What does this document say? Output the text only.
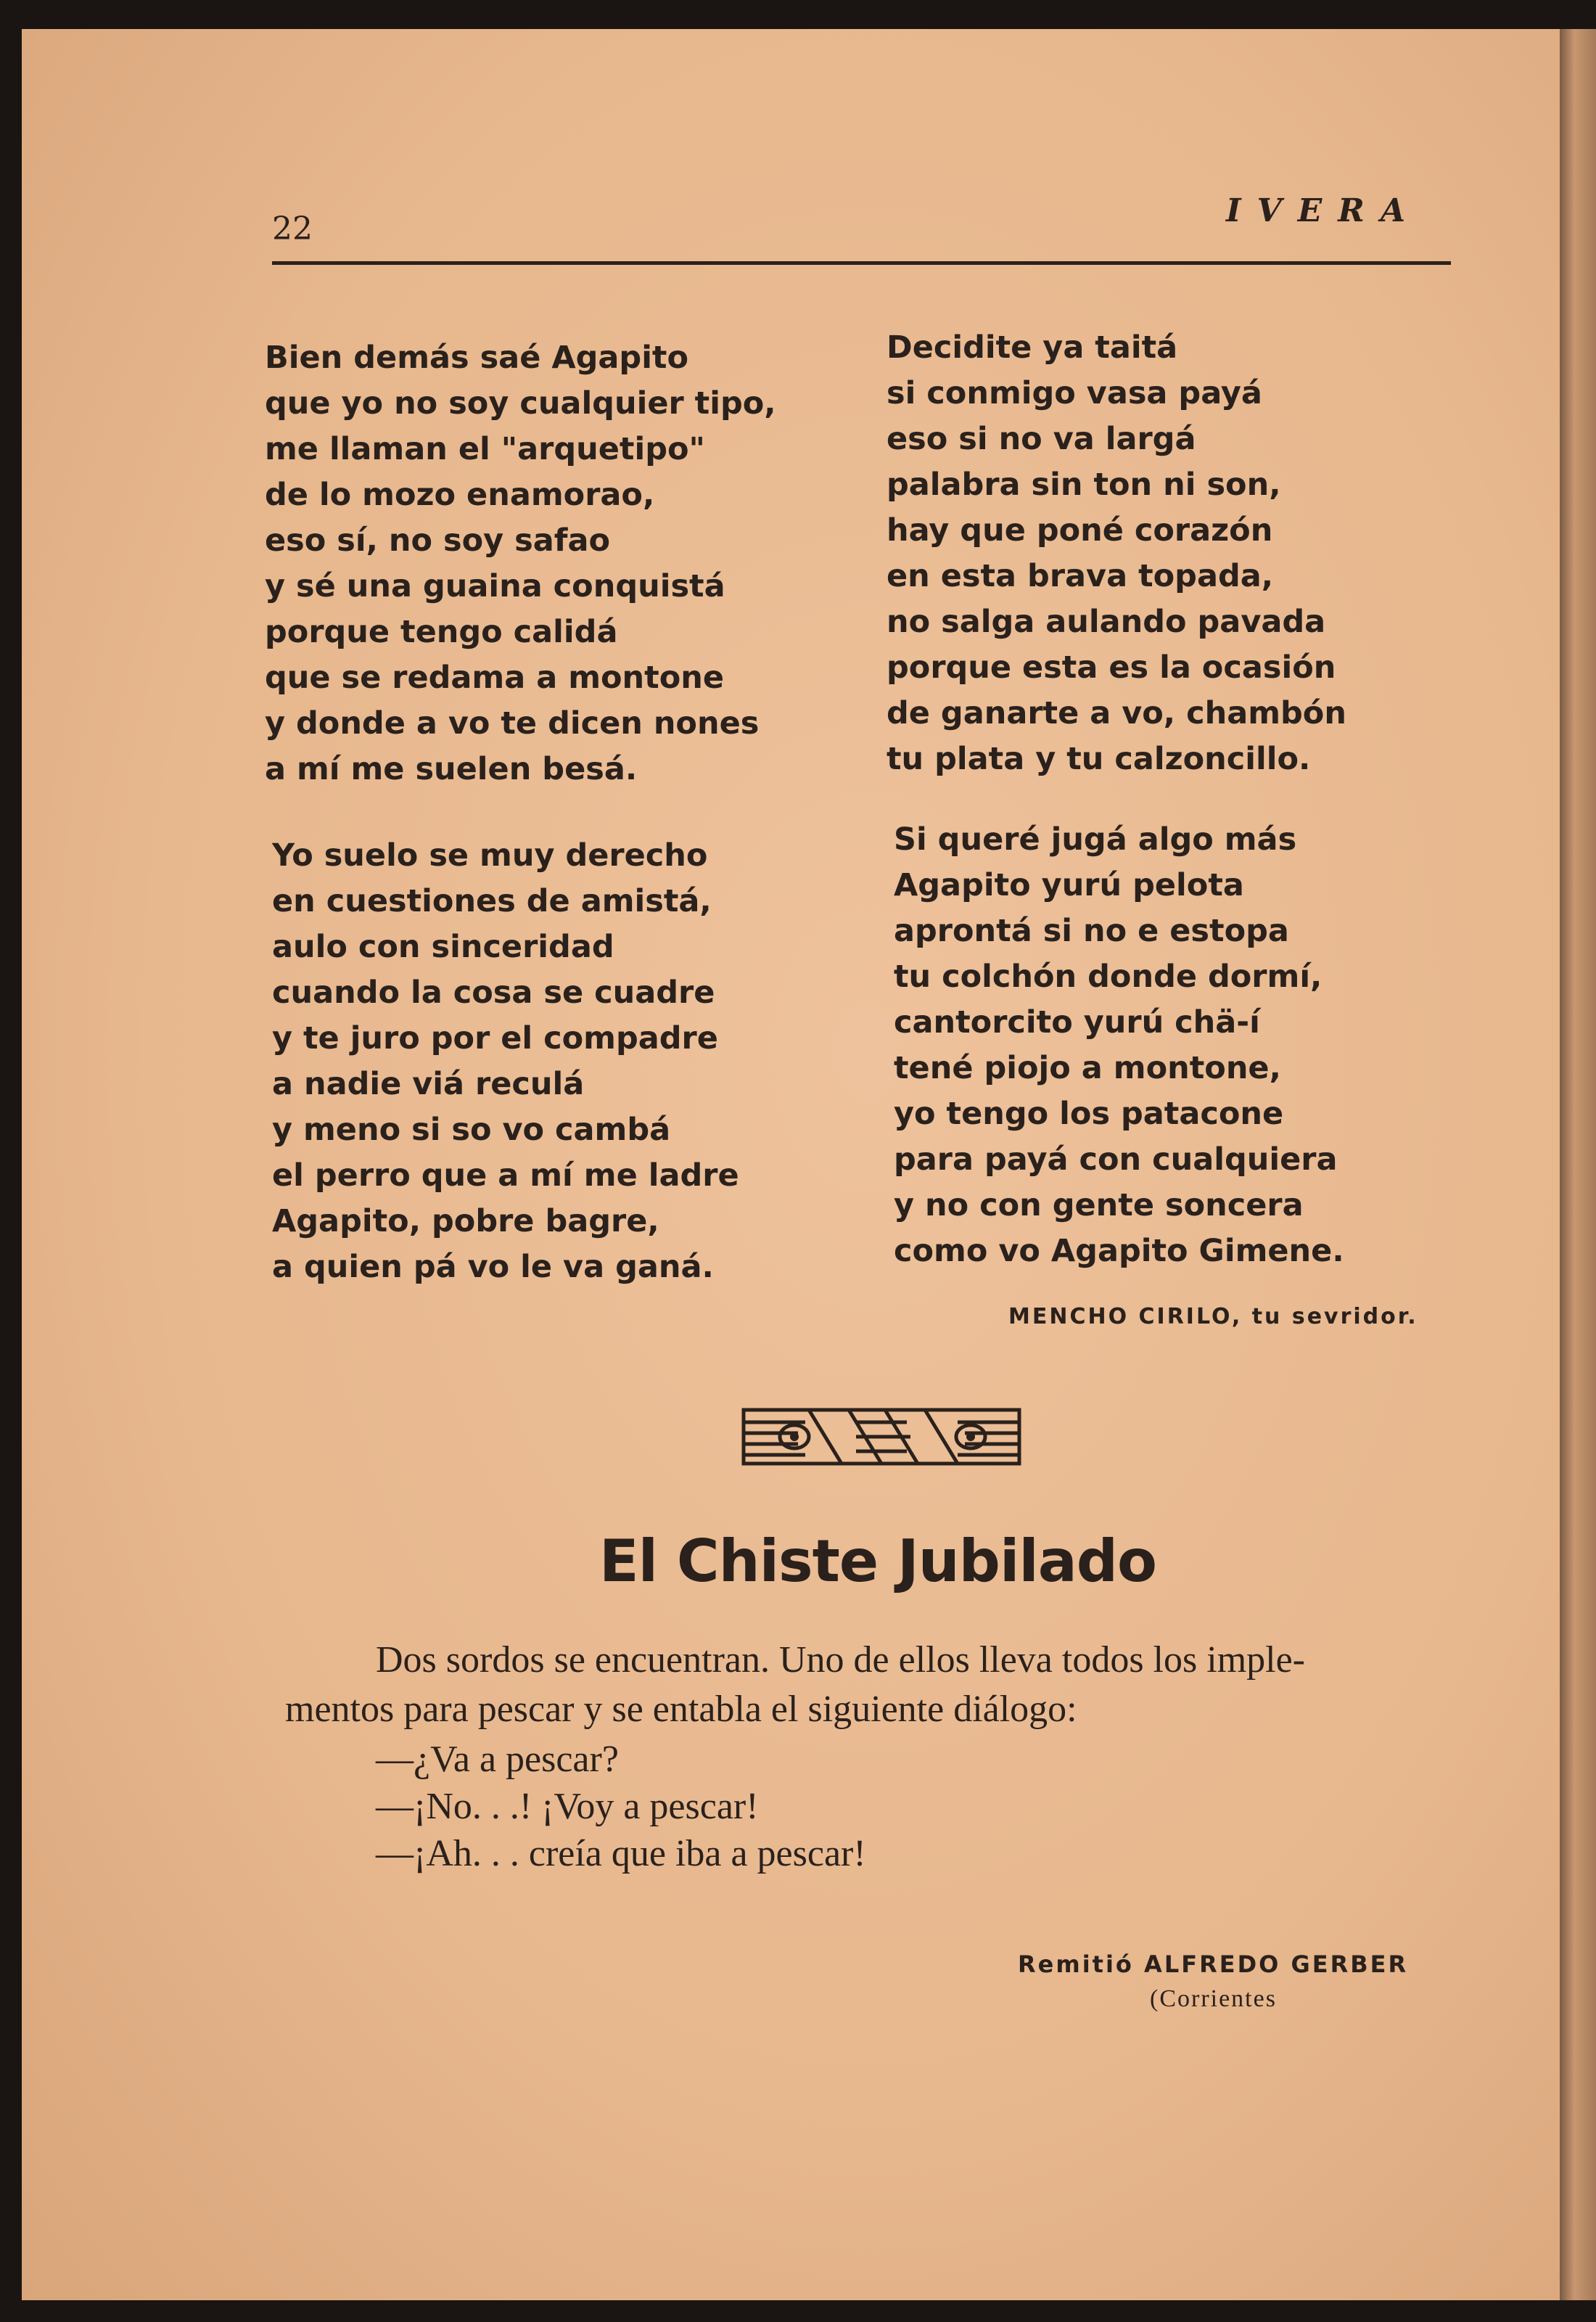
22	IVERA
Bien demás saé Agapito
que yo no soy cualquier tipo,
me llaman el "arquetipo"
de lo mozo enamorao,
eso sí, no soy safao
y sé una guaina conquistá
porque tengo calidá
que se redama a montone
y donde a vo te dicen nones
a mí me suelen besá.
Yo suelo se muy derecho
en cuestiones de amistá,
aulo con sinceridad
cuando la cosa se cuadre
y te juro por el compadre
a nadie viá reculá
y meno si so vo cambá
el perro que a mí me ladre
Agapito, pobre bagre,
a quien pá vo le va ganá.
Decidite ya taitá
si conmigo vasa payá
eso si no va largá
palabra sin ton ni son,
hay que poné corazón
en esta brava topada,
no salga aulando pavada
porque esta es la ocasión
de ganarte a vo, chambón
tu plata y tu calzoncillo.
Si queré jugá algo más
Agapito yurú pelota
aprontá si no e estopa
tu colchón donde dormí,
cantorcito yurú chä-í
tené piojo a montone,
yo tengo los patacone
para payá con cualquiera
y no con gente soncera
como vo Agapito Gimene.
MENCHO CIRILO, tu sevridor.
El Chiste Jubilado
Dos sordos se encuentran. Uno de ellos lleva todos los imple-
mentos para pescar y se entabla el siguiente diálogo:
—¿Va a pescar?
—¡No. . .! ¡Voy a pescar!
—¡Ah. . . creía que iba a pescar!
Remitió ALFREDO GERBER
(Corrientes
